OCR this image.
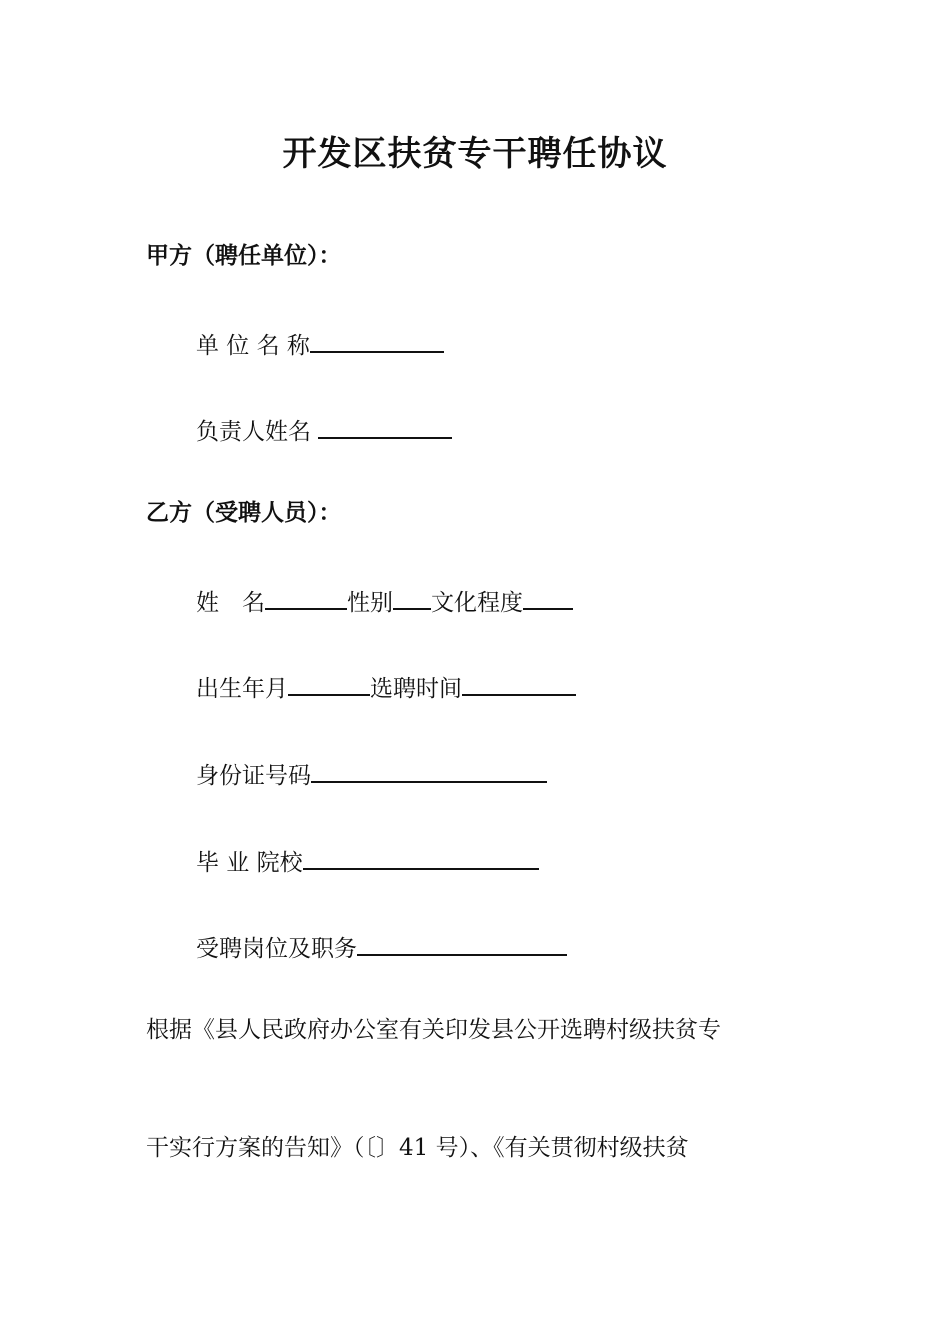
开发区扶贫专干聘任协议
甲方（聘任单位）：
单 位 名 称
负责人姓名
乙方（受聘人员）：
姓　名	性别 文化程度
出生年月	选聘时间
身份证号码
毕 业 院校
受聘岗位及职务
根据《县人民政府办公室有关印发县公开选聘村级扶贫专
干实行方案的告知》（〔〕41 号）、《有关贯彻村级扶贫
